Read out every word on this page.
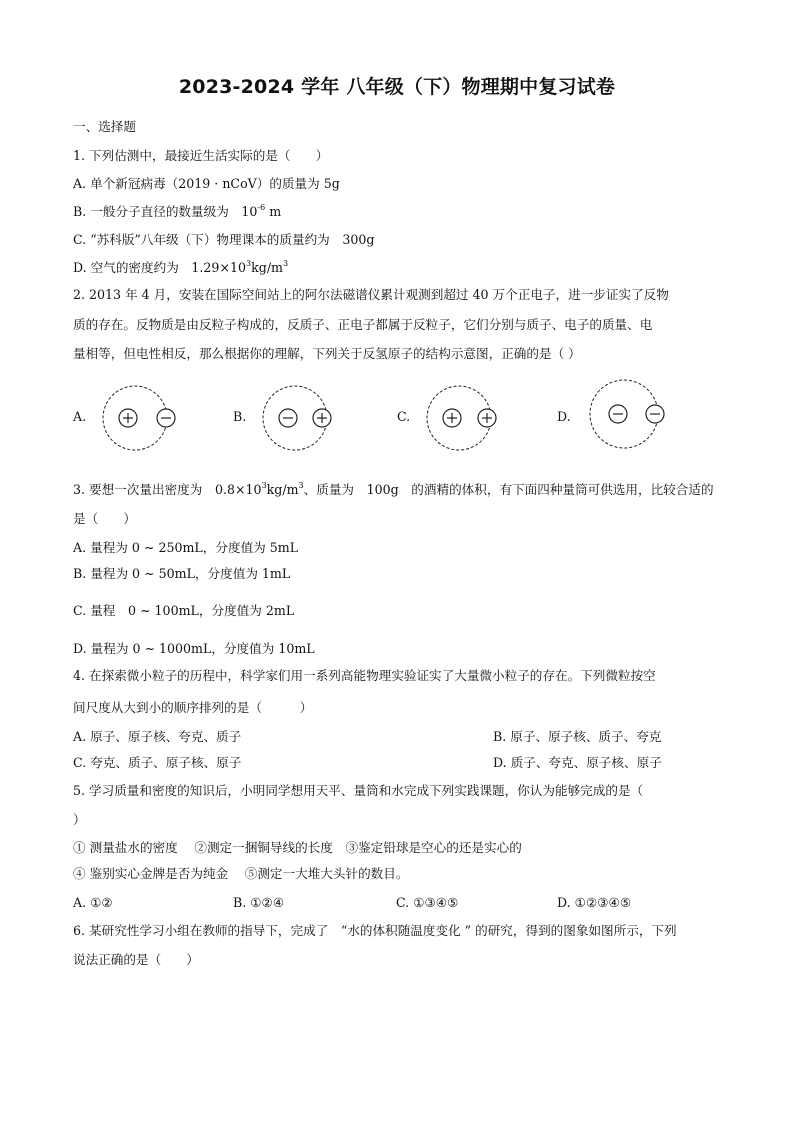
2023-2024 学年 八年级（下）物理期中复习试卷
一、选择题
1. 下列估测中，最接近生活实际的是（　　）
A. 单个新冠病毒（2019 · nCoV）的质量为 5g
B. 一般分子直径的数量级为　$10^{-6}$ m
C. “苏科版”八年级（下）物理课本的质量约为　300g
D. 空气的密度约为　$1.29\times 10^3kg/m^3$
2. 2013 年 4 月，安装在国际空间站上的阿尔法磁谱仪累计观测到超过 40 万个正电子，进一步证实了反物
质的存在。反物质是由反粒子构成的，反质子、正电子都属于反粒子，它们分别与质子、电子的质量、电
量相等，但电性相反，那么根据你的理解，下列关于反氢原子的结构示意图，正确的是（ ）
A.	B.	C.	D.
3. 要想一次量出密度为　$0.8\times 10^3kg/m^3$、质量为　100g　的酒精的体积，有下面四种量筒可供选用，比较合适的
是（　　）
A. 量程为 0 ~ 250mL，分度值为 5mL
B. 量程为 0 ~ 50mL，分度值为 1mL
C. 量程　0 ~ 100mL，分度值为 2mL
D. 量程为 0 ~ 1000mL，分度值为 10mL
4. 在探索微小粒子的历程中，科学家们用一系列高能物理实验证实了大量微小粒子的存在。下列微粒按空
间尺度从大到小的顺序排列的是（　　　）
A. 原子、原子核、夸克、质子	B. 原子、原子核、质子、夸克
C. 夸克、质子、原子核、原子	D. 质子、夸克、原子核、原子
5. 学习质量和密度的知识后，小明同学想用天平、量筒和水完成下列实践课题，你认为能够完成的是（
）
① 测量盐水的密度　 ②测定一捆铜导线的长度　③鉴定铅球是空心的还是实心的
④ 鉴别实心金牌是否为纯金　 ⑤测定一大堆大头针的数目。
A. ①②	B. ①②④	C. ①③④⑤	D. ①②③④⑤
6. 某研究性学习小组在教师的指导下，完成了　“水的体积随温度变化 ” 的研究，得到的图象如图所示，下列
说法正确的是（　　）
